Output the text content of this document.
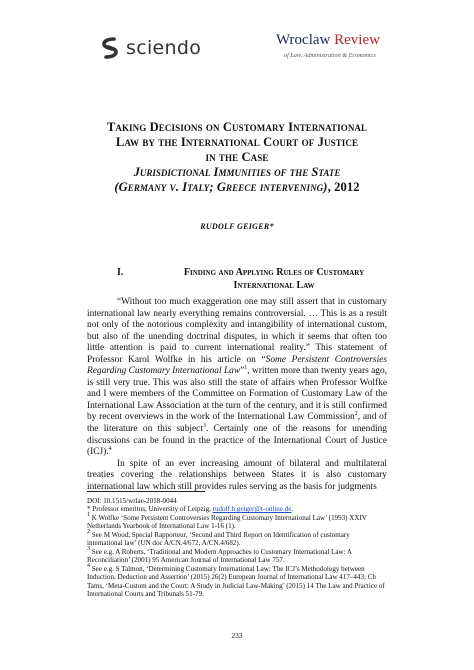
sciendo	Wroclaw Review
of Law, Administration & Economics
Taking Decisions on Customary International
Law by the International Court of Justice
in the Case
Jurisdictional Immunities of the State
(Germany v. Italy; Greece intervening), 2012
RUDOLF GEIGER*
I.	Finding and Applying Rules of Customary
International Law

“Without too much exaggeration one may still assert that in customary international law nearly everything remains controversial. … This is as a result not only of the notorious complexity and intangibility of international custom, but also of the unending doctrinal disputes, in which it seems that often too little attention is paid to current international reality.” This statement of Professor Karol Wolfke in his article on “Some Persistent Controversies Regarding Customary International Law”$^1$, written more than twenty years ago, is still very true. This was also still the state of affairs when Professor Wolfke and I were members of the Committee on Formation of Customary Law of the International Law Association at the turn of the century, and it is still confirmed by recent overviews in the work of the International Law Commission$^2$, and of the literature on this subject$^3$. Certainly one of the reasons for unending discussions can be found in the practice of the International Court of Justice (ICJ).$^4$

In spite of an ever increasing amount of bilateral and multilateral treaties covering the relationships between States it is also customary international law which still provides rules serving as the basis for judgments

DOI: 10.1515/wrlae-2018-0044
* Professor emeritus, University of Leipzig, rudolf.h.geiger@t-online.de.
$^1$ K Wolfke ‘Some Persistent Controversies Regarding Customary International Law’ (1993) XXIV Netherlands Yearbook of International Law 1-16 (1).
$^2$ See M Wood, Special Rapporteur, ‘Second and Third Report on Identification of customary international law’ (UN doc A/CN.4/672, A/CN.4/682).
$^3$ See e.g. A Roberts, ‘Traditional and Modern Approaches to Customary International Law: A Reconciliation’ (2001) 95 American Journal of International Law 757.
$^4$ See e.g. S Talmon, ‘Determining Customary International Law: The ICJ’s Methodology between Induction, Deduction and Assertion’ (2015) 26(2) European Journal of International Law 417–443; Ch Tams, ‘Meta-Custom and the Court: A Study in Judicial Law-Making’ (2015) 14 The Law and Practice of International Courts and Tribunals 51-79.
233
